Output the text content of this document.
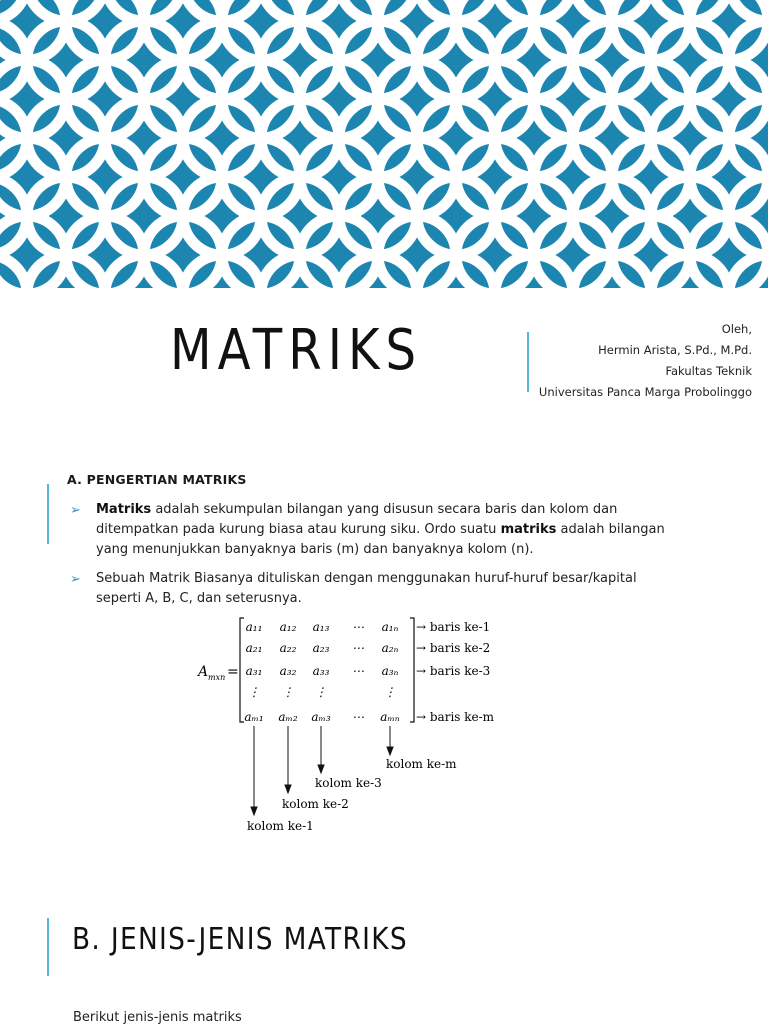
MATRIKS	Oleh,
Hermin Arista, S.Pd., M.Pd.
Fakultas Teknik
Universitas Panca Marga Probolinggo
A. PENGERTIAN MATRIKS
➢ Matriks adalah sekumpulan bilangan yang disusun secara baris dan kolom dan ditempatkan pada kurung biasa atau kurung siku. Ordo suatu matriks adalah bilangan yang menunjukkan banyaknya baris (m) dan banyaknya kolom (n).
➢ Sebuah Matrik Biasanya dituliskan dengan menggunakan huruf-huruf besar/kapital seperti A, B, C, dan seterusnya.
A mxn =
a₁₁ a₁₂ a₁₃ ⋯ a₁ₙ
a₂₁ a₂₂ a₂₃ ⋯ a₂ₙ
a₃₁ a₃₂ a₃₃ ⋯ a₃ₙ
⋮ ⋮ ⋮	⋮
aₘ₁ aₘ₂ aₘ₃ ⋯ aₘₙ
→ baris ke-1
→ baris ke-2
→ baris ke-3
→ baris ke-m
kolom ke-m
kolom ke-3
kolom ke-2
kolom ke-1
B. JENIS-JENIS MATRIKS
Berikut jenis-jenis matriks
